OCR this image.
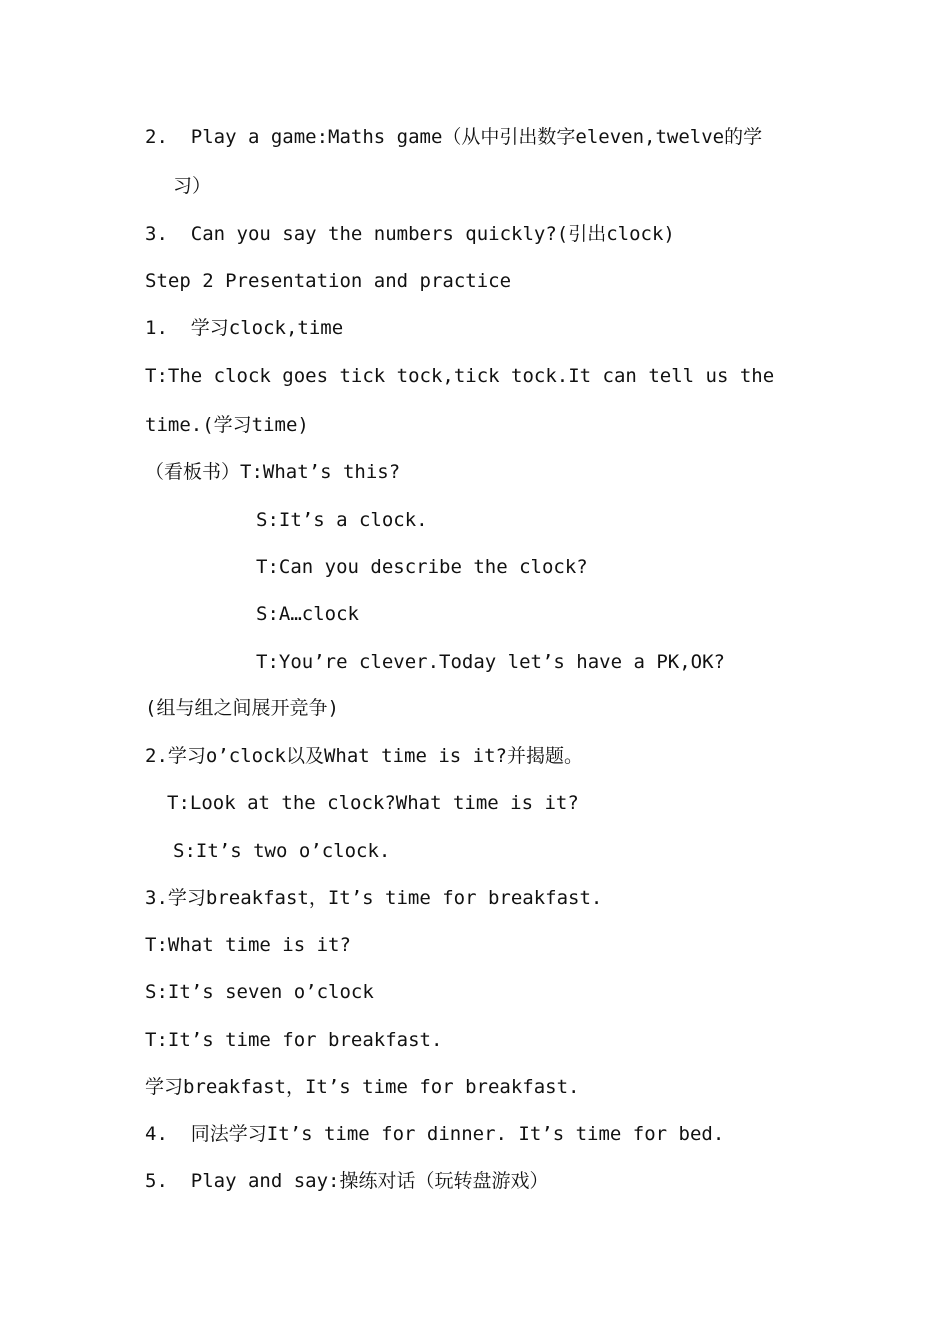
2.  Play a game:Maths game（从中引出数字eleven,twelve的学
习）
3.  Can you say the numbers quickly?(引出clock)
Step 2 Presentation and practice
1.  学习clock,time
T:The clock goes tick tock,tick tock.It can tell us the
time.(学习time)
（看板书）T:What’s this?
S:It’s a clock.
T:Can you describe the clock?
S:A…clock
T:You’re clever.Today let’s have a PK,OK?
(组与组之间展开竞争)
2.学习o’clock以及What time is it?并揭题。
T:Look at the clock?What time is it?
S:It’s two o’clock.
3.学习breakfast，It’s time for breakfast.
T:What time is it?
S:It’s seven o’clock
T:It’s time for breakfast.
学习breakfast，It’s time for breakfast.
4.  同法学习It’s time for dinner. It’s time for bed.
5.  Play and say:操练对话（玩转盘游戏）
